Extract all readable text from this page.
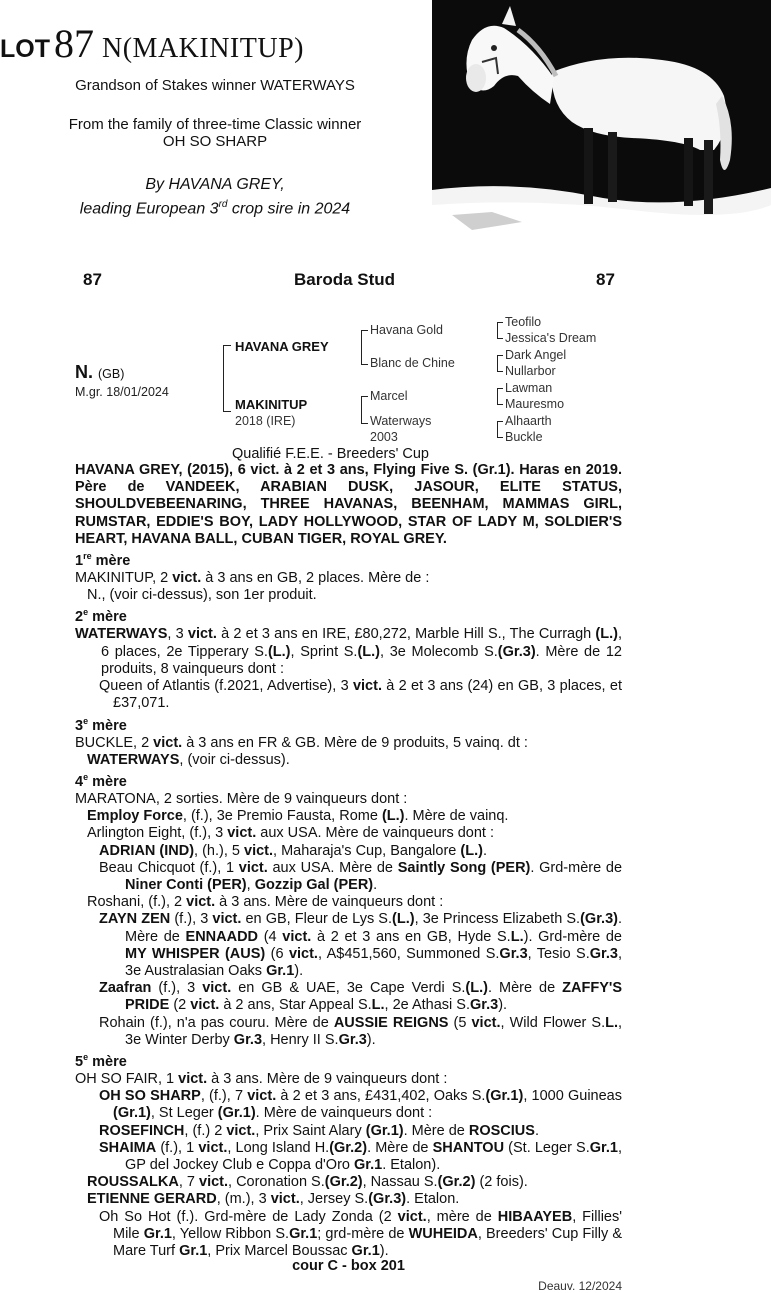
LOT 87 N(MAKINITUP)
Grandson of Stakes winner WATERWAYS
From the family of three-time Classic winner
OH SO SHARP
By HAVANA GREY,
leading European 3rd crop sire in 2024
87	Baroda Stud	87
N. (GB)
M.gr. 18/01/2024
HAVANA GREY
MAKINITUP
2018 (IRE)
Havana Gold
Blanc de Chine
Marcel
Waterways
2003
Teofilo
Jessica's Dream
Dark Angel
Nullarbor
Lawman
Mauresmo
Alhaarth
Buckle
Qualifié F.E.E. - Breeders' Cup

HAVANA GREY, (2015), 6 vict. à 2 et 3 ans, Flying Five S. (Gr.1). Haras en 2019. Père de VANDEEK, ARABIAN DUSK, JASOUR, ELITE STATUS, SHOULDVEBEENARING, THREE HAVANAS, BEENHAM, MAMMAS GIRL, RUMSTAR, EDDIE'S BOY, LADY HOLLYWOOD, STAR OF LADY M, SOLDIER'S HEART, HAVANA BALL, CUBAN TIGER, ROYAL GREY.

1re mère

MAKINITUP, 2 vict. à 3 ans en GB, 2 places. Mère de :

N., (voir ci-dessus), son 1er produit.

2e mère

WATERWAYS, 3 vict. à 2 et 3 ans en IRE, £80,272, Marble Hill S., The Curragh (L.), 6 places, 2e Tipperary S.(L.), Sprint S.(L.), 3e Molecomb S.(Gr.3). Mère de 12 produits, 8 vainqueurs dont :

Queen of Atlantis (f.2021, Advertise), 3 vict. à 2 et 3 ans (24) en GB, 3 places, et £37,071.

3e mère

BUCKLE, 2 vict. à 3 ans en FR & GB. Mère de 9 produits, 5 vainq. dt :

WATERWAYS, (voir ci-dessus).

4e mère

MARATONA, 2 sorties. Mère de 9 vainqueurs dont :

Employ Force, (f.), 3e Premio Fausta, Rome (L.). Mère de vainq.

Arlington Eight, (f.), 3 vict. aux USA. Mère de vainqueurs dont :

ADRIAN (IND), (h.), 5 vict., Maharaja's Cup, Bangalore (L.).

Beau Chicquot (f.), 1 vict. aux USA. Mère de Saintly Song (PER). Grd-mère de Niner Conti (PER), Gozzip Gal (PER).

Roshani, (f.), 2 vict. à 3 ans. Mère de vainqueurs dont :

ZAYN ZEN (f.), 3 vict. en GB, Fleur de Lys S.(L.), 3e Princess Elizabeth S.(Gr.3). Mère de ENNAADD (4 vict. à 2 et 3 ans en GB, Hyde S.L.). Grd-mère de MY WHISPER (AUS) (6 vict., A$451,560, Summoned S.Gr.3, Tesio S.Gr.3, 3e Australasian Oaks Gr.1).

Zaafran (f.), 3 vict. en GB & UAE, 3e Cape Verdi S.(L.). Mère de ZAFFY'S PRIDE (2 vict. à 2 ans, Star Appeal S.L., 2e Athasi S.Gr.3).

Rohain (f.), n'a pas couru. Mère de AUSSIE REIGNS (5 vict., Wild Flower S.L., 3e Winter Derby Gr.3, Henry II S.Gr.3).

5e mère

OH SO FAIR, 1 vict. à 3 ans. Mère de 9 vainqueurs dont :

OH SO SHARP, (f.), 7 vict. à 2 et 3 ans, £431,402, Oaks S.(Gr.1), 1000 Guineas (Gr.1), St Leger (Gr.1). Mère de vainqueurs dont :

ROSEFINCH, (f.) 2 vict., Prix Saint Alary (Gr.1). Mère de ROSCIUS.

SHAIMA (f.), 1 vict., Long Island H.(Gr.2). Mère de SHANTOU (St. Leger S.Gr.1, GP del Jockey Club e Coppa d'Oro Gr.1. Etalon).

ROUSSALKA, 7 vict., Coronation S.(Gr.2), Nassau S.(Gr.2) (2 fois).

ETIENNE GERARD, (m.), 3 vict., Jersey S.(Gr.3). Etalon.

Oh So Hot (f.). Grd-mère de Lady Zonda (2 vict., mère de HIBAAYEB, Fillies' Mile Gr.1, Yellow Ribbon S.Gr.1; grd-mère de WUHEIDA, Breeders' Cup Filly & Mare Turf Gr.1, Prix Marcel Boussac Gr.1).

cour C - box 201
Deauv. 12/2024
